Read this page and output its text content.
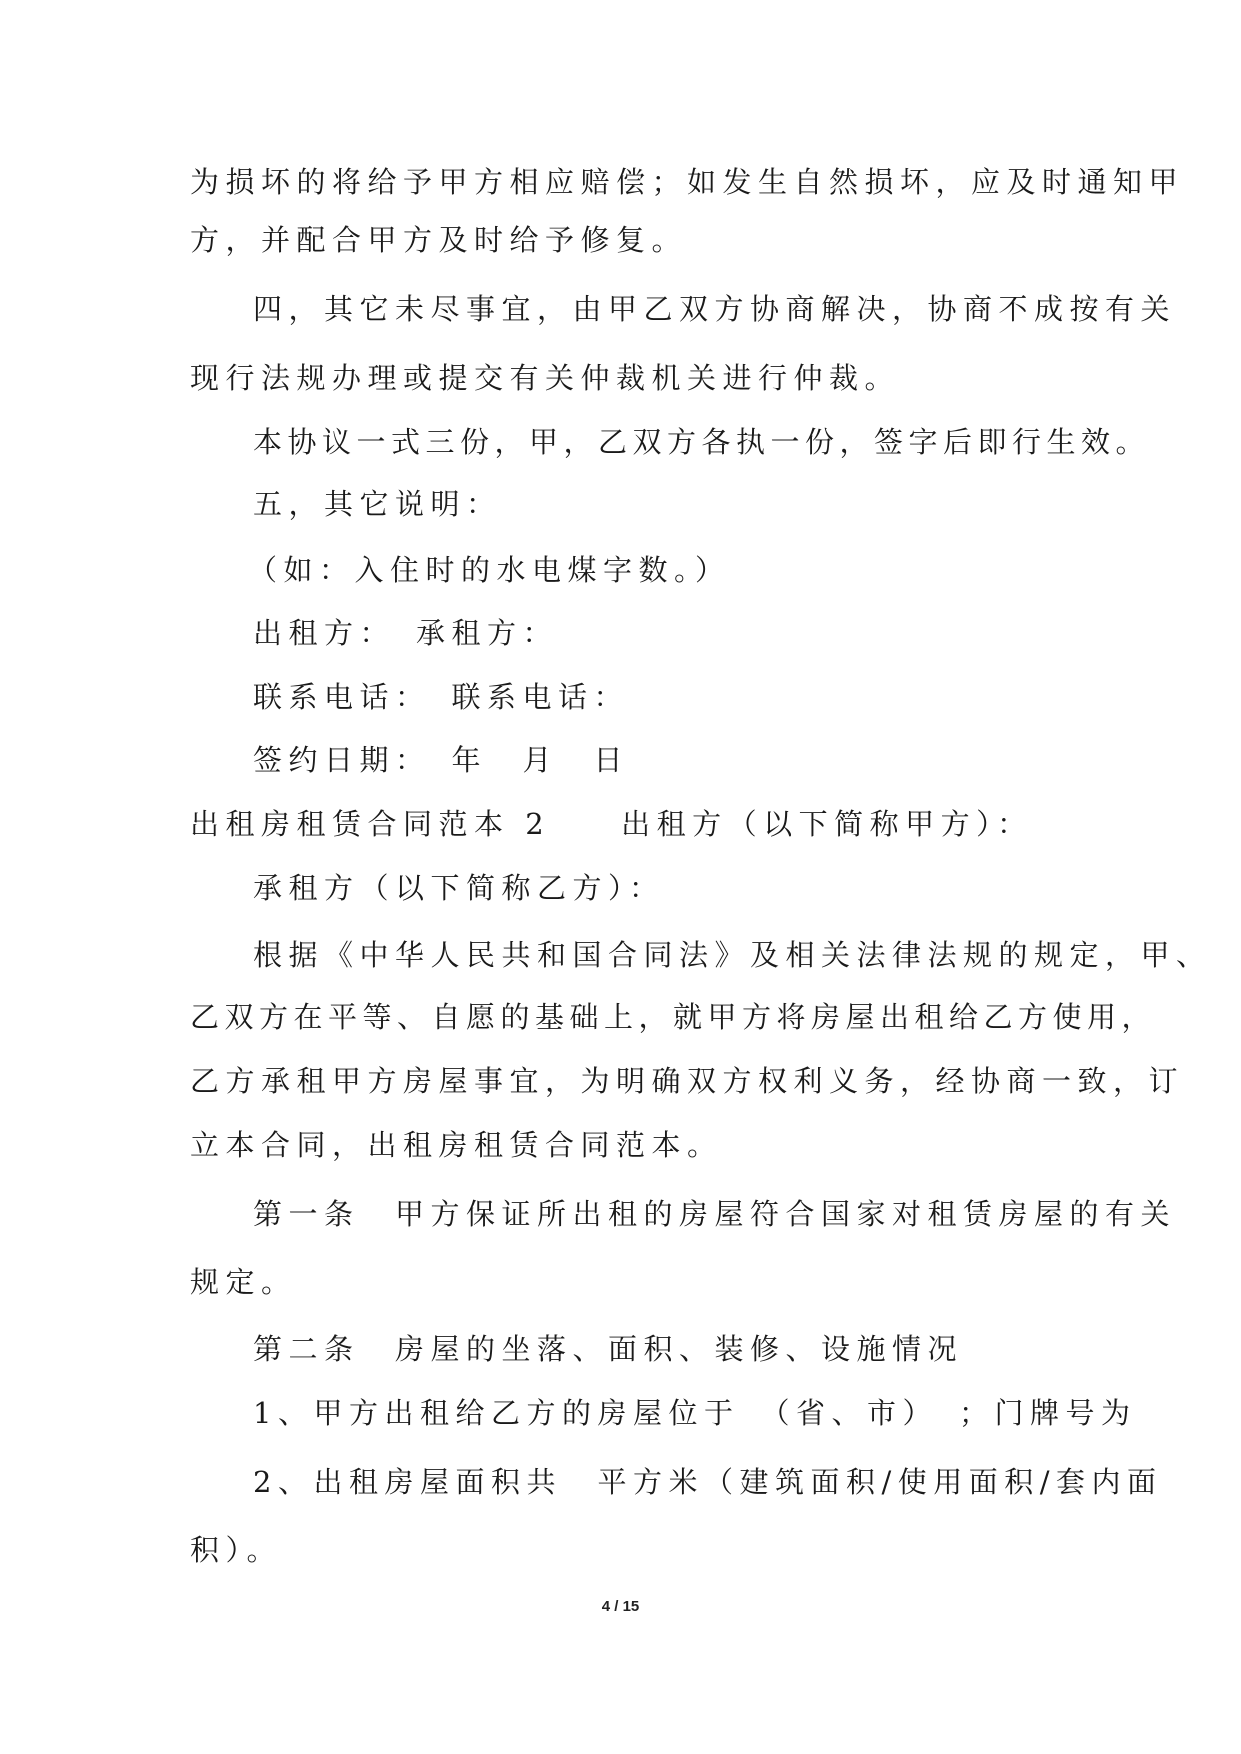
为损坏的将给予甲方相应赔偿；如发生自然损坏，应及时通知甲

方，并配合甲方及时给予修复。

四，其它未尽事宜，由甲乙双方协商解决，协商不成按有关

现行法规办理或提交有关仲裁机关进行仲裁。

本协议一式三份，甲，乙双方各执一份，签字后即行生效。

五，其它说明：

（如：入住时的水电煤字数。）

出租方：　承租方：

联系电话：　联系电话：

签约日期：　年　月　日

出租房租赁合同范本 2　　出租方（以下简称甲方）：

承租方（以下简称乙方）：

根据《中华人民共和国合同法》及相关法律法规的规定，甲、

乙双方在平等、自愿的基础上，就甲方将房屋出租给乙方使用，

乙方承租甲方房屋事宜，为明确双方权利义务，经协商一致，订

立本合同，出租房租赁合同范本。

第一条　甲方保证所出租的房屋符合国家对租赁房屋的有关

规定。

第二条　房屋的坐落、面积、装修、设施情况

1、甲方出租给乙方的房屋位于　（省、市）　；门牌号为

2、出租房屋面积共　平方米（建筑面积/使用面积/套内面

积）。

4 / 15
